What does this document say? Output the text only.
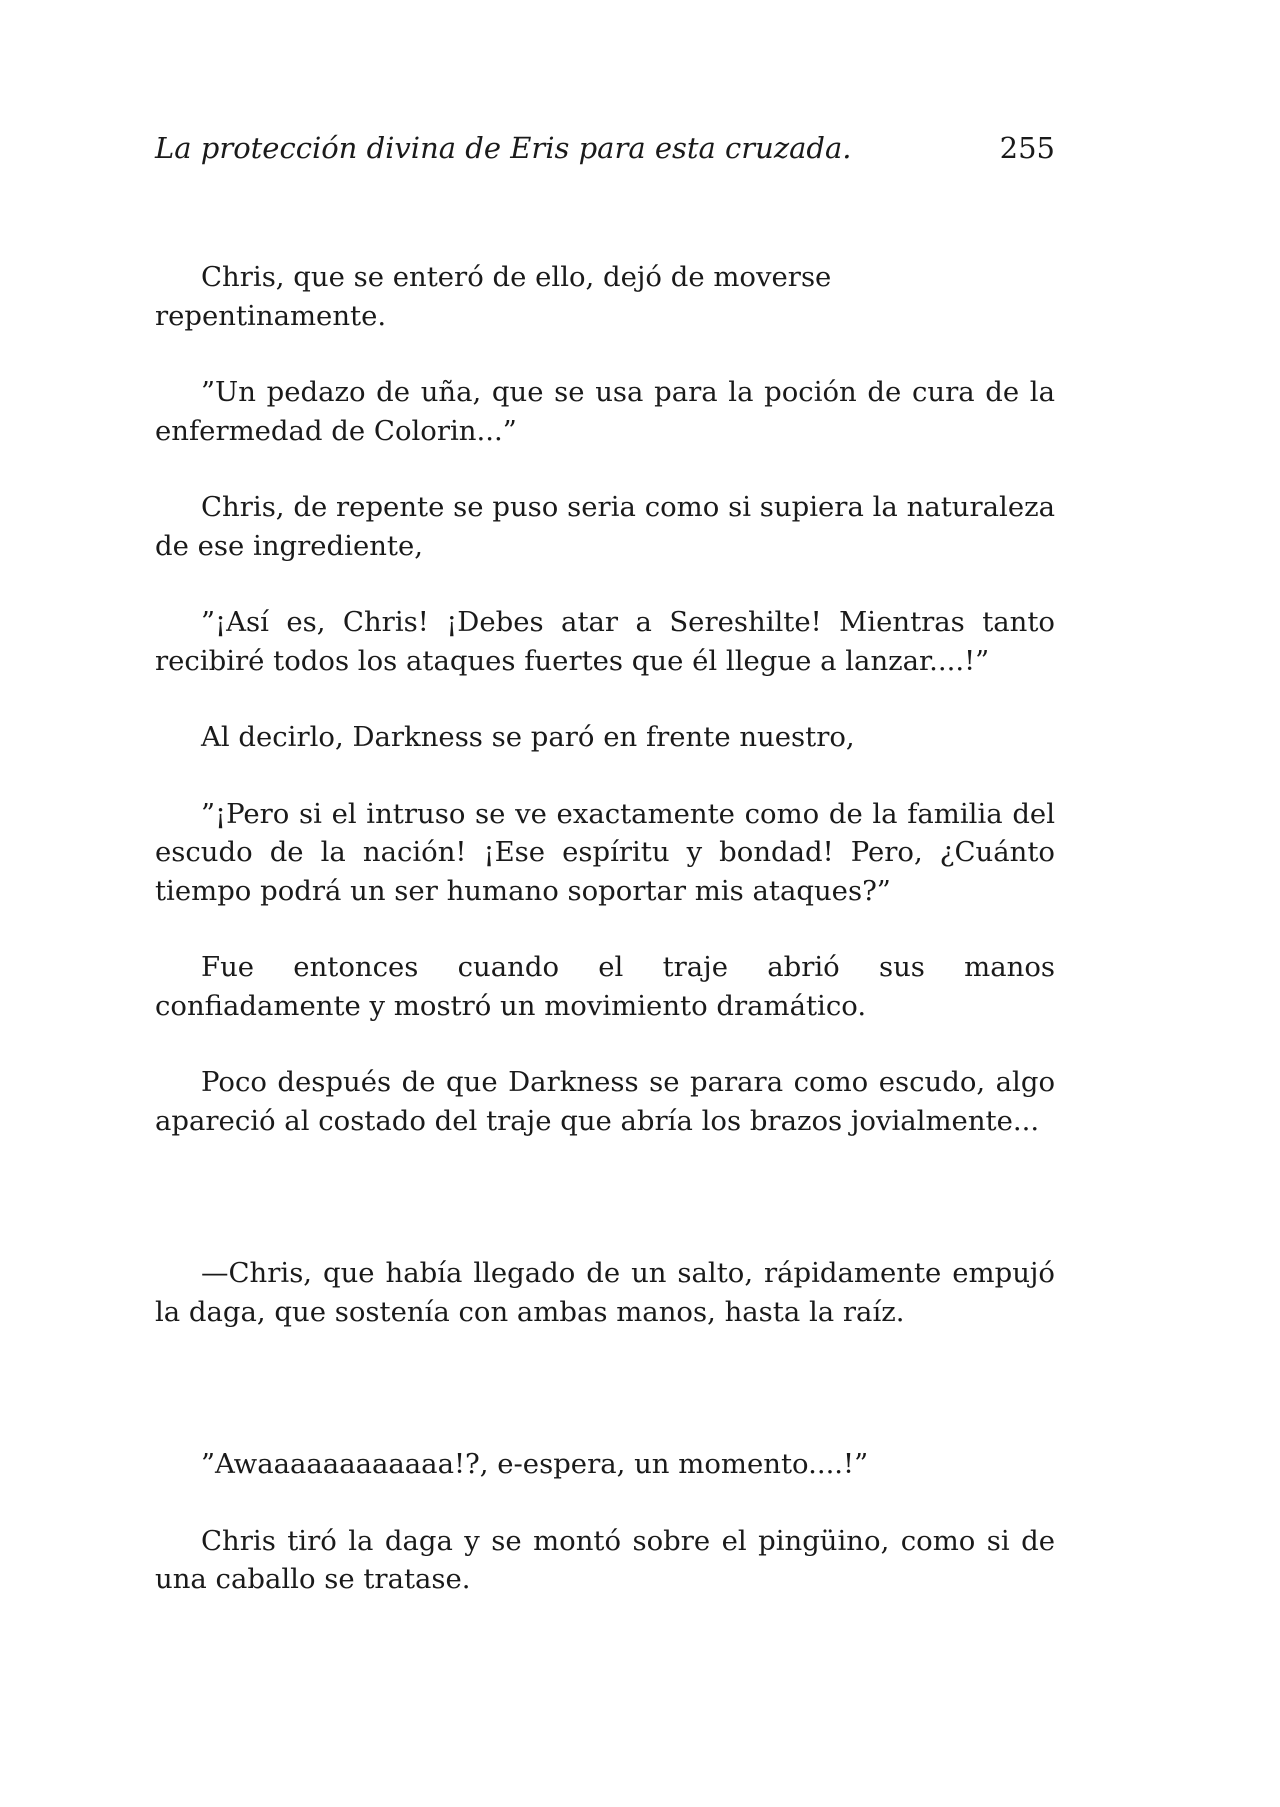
La protección divina de Eris para esta cruzada.	255

Chris, que se enteró de ello, dejó de moverse repentinamente.

”Un pedazo de uña, que se usa para la poción de cura de la enfermedad de Colorin...”

Chris, de repente se puso seria como si supiera la naturaleza de ese ingrediente,

”¡Así es, Chris! ¡Debes atar a Sereshilte! Mientras tanto recibiré todos los ataques fuertes que él llegue a lanzar....!”

Al decirlo, Darkness se paró en frente nuestro,

”¡Pero si el intruso se ve exactamente como de la familia del escudo de la nación! ¡Ese espíritu y bondad! Pero, ¿Cuánto tiempo podrá un ser humano soportar mis ataques?”

Fue entonces cuando el traje abrió sus manos confiadamente y mostró un movimiento dramático.

Poco después de que Darkness se parara como escudo, algo apareció al costado del traje que abría los brazos jovialmente...

—Chris, que había llegado de un salto, rápidamente empujó la daga, que sostenía con ambas manos, hasta la raíz.

”Awaaaaaaaaaaaa!?, e-espera, un momento....!”

Chris tiró la daga y se montó sobre el pingüino, como si de una caballo se tratase.
